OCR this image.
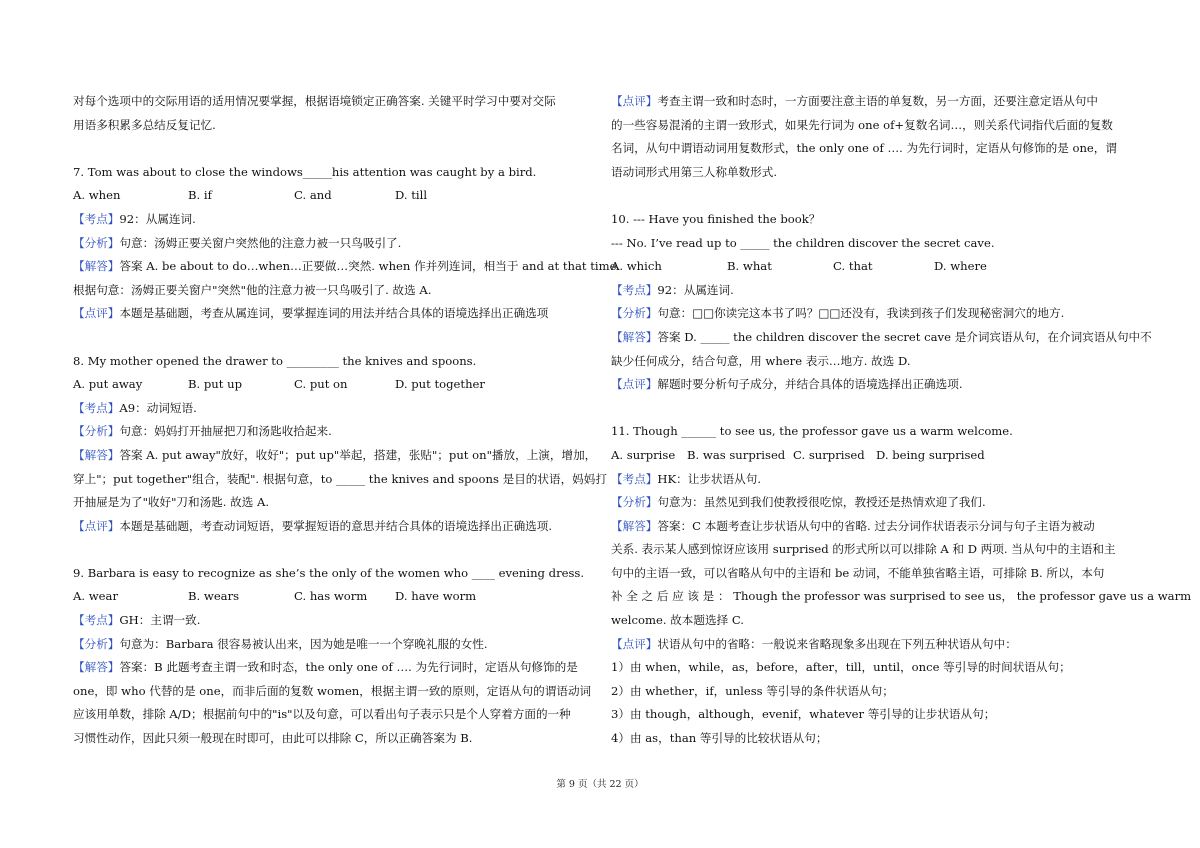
对每个选项中的交际用语的适用情况要掌握，根据语境锁定正确答案. 关键平时学习中要对交际
用语多积累多总结反复记忆.
7. Tom was about to close the windows_____his attention was caught by a bird.
A. when	B. if	C. and	D. till
【考点】92：从属连词.
【分析】句意：汤姆正要关窗户突然他的注意力被一只鸟吸引了.
【解答】答案 A. be about to do…when…正要做…突然. when 作并列连词，相当于 and at that time.
根据句意：汤姆正要关窗户"突然"他的注意力被一只鸟吸引了. 故选 A.
【点评】本题是基础题，考查从属连词，要掌握连词的用法并结合具体的语境选择出正确选项
8. My mother opened the drawer to _________ the knives and spoons.
A. put away	B. put up	C. put on	D. put together
【考点】A9：动词短语.
【分析】句意：妈妈打开抽屉把刀和汤匙收拾起来.
【解答】答案 A. put away"放好，收好"；put up"举起，搭建，张贴"；put on"播放，上演，增加，
穿上"；put together"组合，装配". 根据句意，to _____ the knives and spoons 是目的状语，妈妈打
开抽屉是为了"收好"刀和汤匙. 故选 A.
【点评】本题是基础题，考查动词短语，要掌握短语的意思并结合具体的语境选择出正确选项.
9. Barbara is easy to recognize as she’s the only of the women who ____ evening dress.
A. wear	B. wears	C. has worm	D. have worm
【考点】GH：主谓一致.
【分析】句意为：Barbara 很容易被认出来，因为她是唯一一个穿晚礼服的女性.
【解答】答案：B 此题考查主谓一致和时态，the only one of …. 为先行词时，定语从句修饰的是
one，即 who 代替的是 one，而非后面的复数 women，根据主谓一致的原则，定语从句的谓语动词
应该用单数，排除 A/D；根据前句中的"is"以及句意，可以看出句子表示只是个人穿着方面的一种
习惯性动作，因此只须一般现在时即可，由此可以排除 C，所以正确答案为 B.
【点评】考查主谓一致和时态时，一方面要注意主语的单复数，另一方面，还要注意定语从句中
的一些容易混淆的主谓一致形式，如果先行词为 one of+复数名词…，则关系代词指代后面的复数
名词，从句中谓语动词用复数形式，the only one of …. 为先行词时，定语从句修饰的是 one，谓
语动词形式用第三人称单数形式.
10. --- Have you finished the book？
--- No. I’ve read up to _____ the children discover the secret cave.
A. which	B. what	C. that	D. where
【考点】92：从属连词.
【分析】句意：□□你读完这本书了吗？□□还没有，我读到孩子们发现秘密洞穴的地方.
【解答】答案 D. _____ the children discover the secret cave 是介词宾语从句，在介词宾语从句中不
缺少任何成分，结合句意，用 where 表示…地方. 故选 D.
【点评】解题时要分析句子成分，并结合具体的语境选择出正确选项.
11. Though ______ to see us, the professor gave us a warm welcome.
A. surprise	B. was surprised C. surprised D. being surprised
【考点】HK：让步状语从句.
【分析】句意为：虽然见到我们使教授很吃惊，教授还是热情欢迎了我们.
【解答】答案：C 本题考查让步状语从句中的省略. 过去分词作状语表示分词与句子主语为被动
关系. 表示某人感到惊讶应该用 surprised 的形式所以可以排除 A 和 D 两项. 当从句中的主语和主
句中的主语一致，可以省略从句中的主语和 be 动词，不能单独省略主语，可排除 B. 所以，本句
补 全 之 后 应 该 是 ： Though the professor was surprised to see us， the professor gave us a warm
welcome. 故本题选择 C.
【点评】状语从句中的省略：一般说来省略现象多出现在下列五种状语从句中：
1）由 when，while，as，before，after，till，until，once 等引导的时间状语从句；
2）由 whether，if，unless 等引导的条件状语从句；
3）由 though，although，evenif，whatever 等引导的让步状语从句；
4）由 as，than 等引导的比较状语从句；
第 9 页（共 22 页）
